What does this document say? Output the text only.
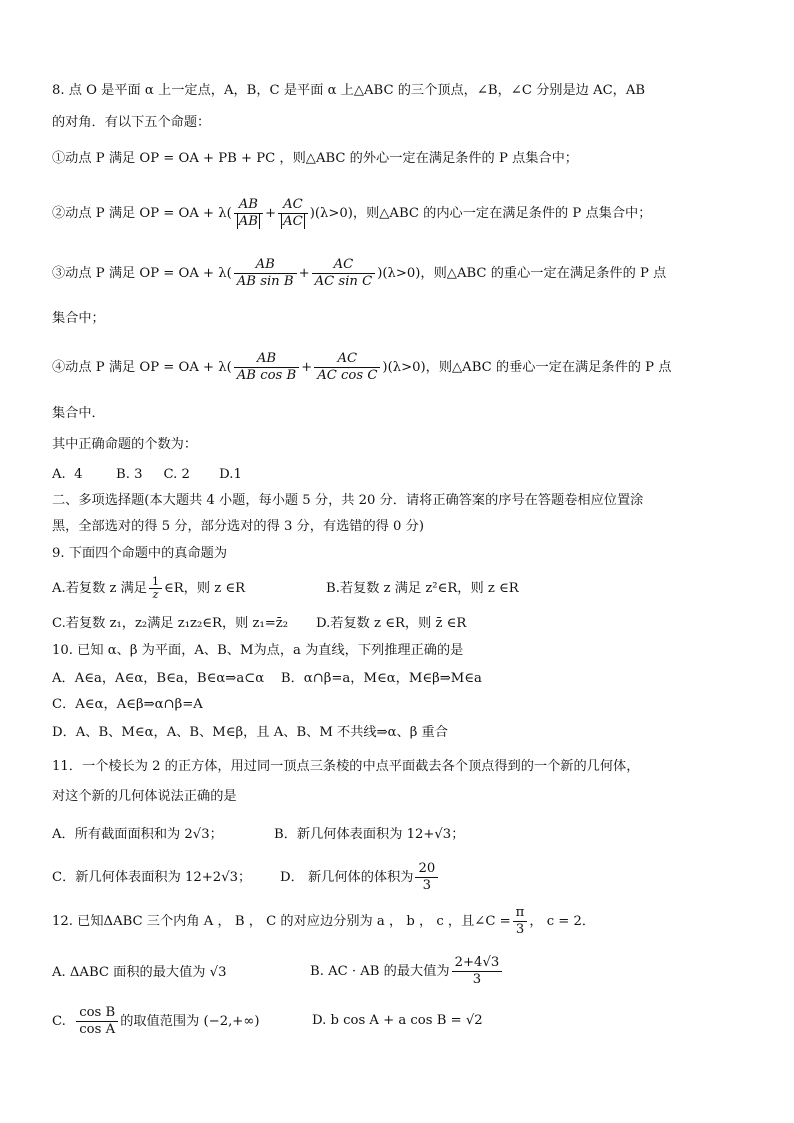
8. 点 O 是平面 α 上一定点，A，B，C 是平面 α 上△ABC 的三个顶点，∠B，∠C 分别是边 AC，AB
的对角．有以下五个命题：
①动点 P 满足 OP = OA + PB + PC ，则△ABC 的外心一定在满足条件的 P 点集合中；
②动点 P 满足 OP = OA + $\lambda( \frac{AB}{AB} + \frac{AC}{AC} )(\lambda>0)$，则△ABC 的内心一定在满足条件的 P 点集合中；
③动点 P 满足 OP = OA + $\lambda( \frac{AB}{\text{AB sin B}} + \frac{AC}{\text{AC sin C}} )(\lambda>0)$，则△ABC 的重心一定在满足条件的 P 点
集合中；
④动点 P 满足 OP = OA + $\lambda( \frac{AB}{\text{AB cos B}} + \frac{AC}{\text{AC cos C}} )(\lambda>0)$，则△ABC 的垂心一定在满足条件的 P 点
集合中．
其中正确命题的个数为：
A.  4        B. 3     C. 2       D.1
二、多项选择题(本大题共 4 小题，每小题 5 分，共 20 分．请将正确答案的序号在答题卷相应位置涂
黑，全部选对的得 5 分，部分选对的得 3 分，有选错的得 0 分)
9. 下面四个命题中的真命题为
A.若复数 z 满足 $\frac{1}{z}$ ∈R，则 z ∈R	B.若复数 z 满足 z²∈R，则 z ∈R
C.若复数 z₁，z₂满足 z₁z₂∈R，则 z₁=z̄₂ D.若复数 z ∈R，则 z̄ ∈R
10. 已知 α、β 为平面，A、B、M为点，a 为直线，下列推理正确的是
A．A∈a，A∈α，B∈a，B∈α⇒a⊂α    B．α∩β=a，M∈α，M∈β⇒M∈a
C．A∈α，A∈β⇒α∩β=A
D．A、B、M∈α，A、B、M∈β，且 A、B、M 不共线⇒α、β 重合
11．一个棱长为 2 的正方体，用过同一顶点三条棱的中点平面截去各个顶点得到的一个新的几何体，
对这个新的几何体说法正确的是
A．所有截面面积和为 2√3；	B．新几何体表面积为 12+√3；
C．新几何体表面积为 12+2√3； D． 新几何体的体积为 $\frac{20}{3}$
12. 已知ΔABC 三个内角 A ， B ， C 的对应边分别为 a ， b ， c ，且∠C = $\frac{\pi}{3}$ ， c = 2．
A. ΔABC 面积的最大值为 √3	B. AC · AB 的最大值为 $\frac{2+4√3}{3}$
C. $\frac{\text{cos B}}{\text{cos A}}$ 的取值范围为 (−2,+∞)	D. b cos A + a cos B = √2
